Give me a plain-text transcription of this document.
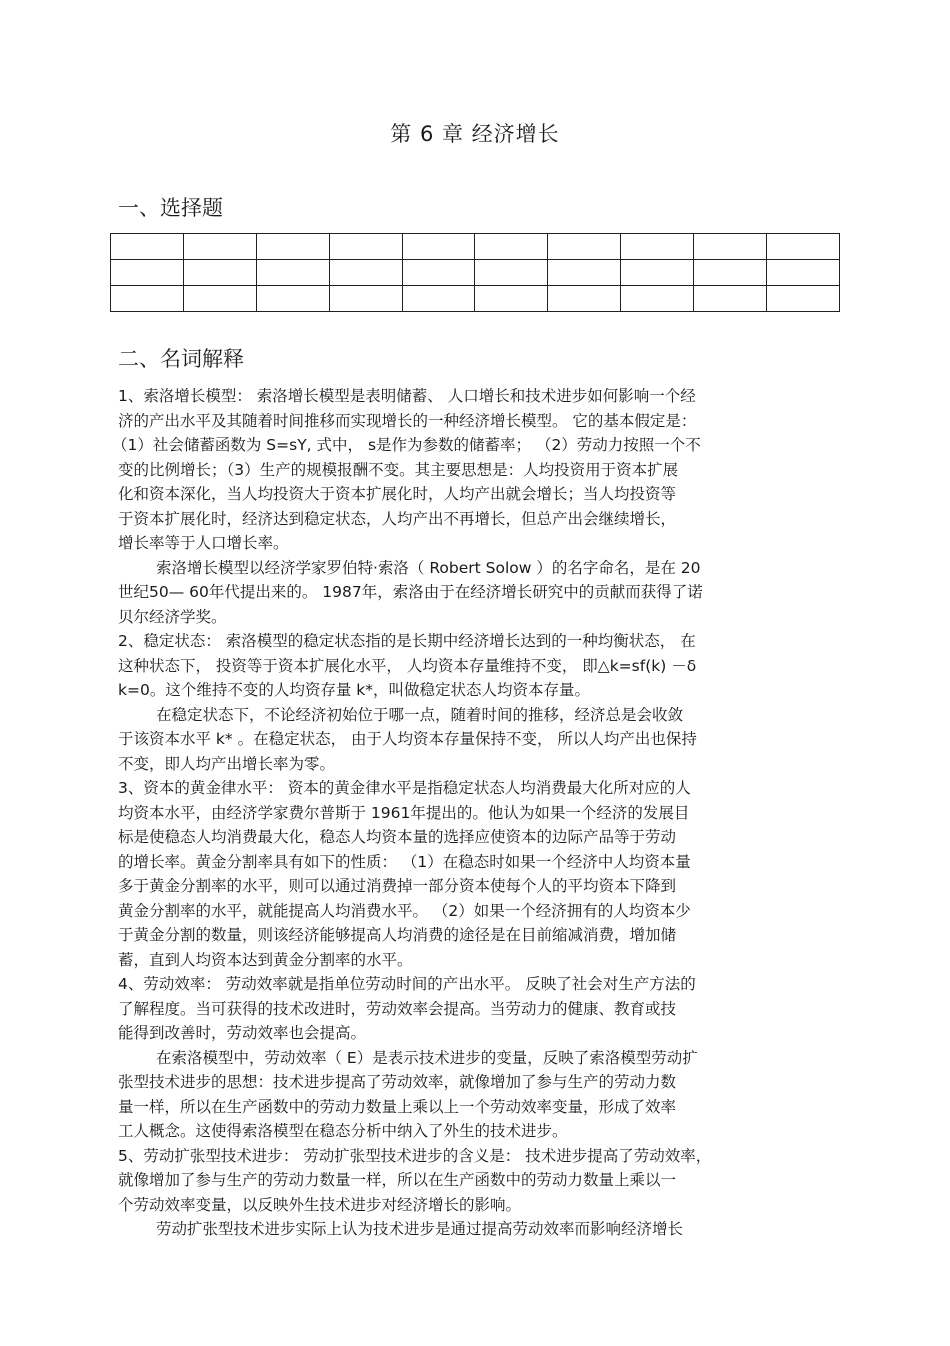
第 6 章 经济增长
一、选择题

二、名词解释
1、索洛增长模型： 索洛增长模型是表明储蓄、 人口增长和技术进步如何影响一个经
济的产出水平及其随着时间推移而实现增长的一种经济增长模型。 它的基本假定是：
（1）社会储蓄函数为 S=sY, 式中， s是作为参数的储蓄率； （2）劳动力按照一个不
变的比例增长；（3）生产的规模报酬不变。其主要思想是：人均投资用于资本扩展
化和资本深化，当人均投资大于资本扩展化时，人均产出就会增长；当人均投资等
于资本扩展化时，经济达到稳定状态，人均产出不再增长，但总产出会继续增长，
增长率等于人口增长率。
索洛增长模型以经济学家罗伯特·索洛（ Robert Solow ）的名字命名，是在 20
世纪50— 60年代提出来的。 1987年，索洛由于在经济增长研究中的贡献而获得了诺
贝尔经济学奖。
2、稳定状态： 索洛模型的稳定状态指的是长期中经济增长达到的一种均衡状态， 在
这种状态下， 投资等于资本扩展化水平， 人均资本存量维持不变， 即△k=sf(k) －δ
k=0。这个维持不变的人均资存量 k*，叫做稳定状态人均资本存量。
在稳定状态下，不论经济初始位于哪一点，随着时间的推移，经济总是会收敛
于该资本水平 k* 。在稳定状态， 由于人均资本存量保持不变， 所以人均产出也保持
不变，即人均产出增长率为零。
3、资本的黄金律水平： 资本的黄金律水平是指稳定状态人均消费最大化所对应的人
均资本水平，由经济学家费尔普斯于 1961年提出的。他认为如果一个经济的发展目
标是使稳态人均消费最大化，稳态人均资本量的选择应使资本的边际产品等于劳动
的增长率。黄金分割率具有如下的性质： （1）在稳态时如果一个经济中人均资本量
多于黄金分割率的水平，则可以通过消费掉一部分资本使每个人的平均资本下降到
黄金分割率的水平，就能提高人均消费水平。 （2）如果一个经济拥有的人均资本少
于黄金分割的数量，则该经济能够提高人均消费的途径是在目前缩减消费，增加储
蓄，直到人均资本达到黄金分割率的水平。
4、劳动效率： 劳动效率就是指单位劳动时间的产出水平。 反映了社会对生产方法的
了解程度。当可获得的技术改进时，劳动效率会提高。当劳动力的健康、教育或技
能得到改善时，劳动效率也会提高。
在索洛模型中，劳动效率（ E）是表示技术进步的变量，反映了索洛模型劳动扩
张型技术进步的思想：技术进步提高了劳动效率，就像增加了参与生产的劳动力数
量一样，所以在生产函数中的劳动力数量上乘以上一个劳动效率变量，形成了效率
工人概念。这使得索洛模型在稳态分析中纳入了外生的技术进步。
5、劳动扩张型技术进步： 劳动扩张型技术进步的含义是： 技术进步提高了劳动效率，
就像增加了参与生产的劳动力数量一样，所以在生产函数中的劳动力数量上乘以一
个劳动效率变量，以反映外生技术进步对经济增长的影响。
劳动扩张型技术进步实际上认为技术进步是通过提高劳动效率而影响经济增长
